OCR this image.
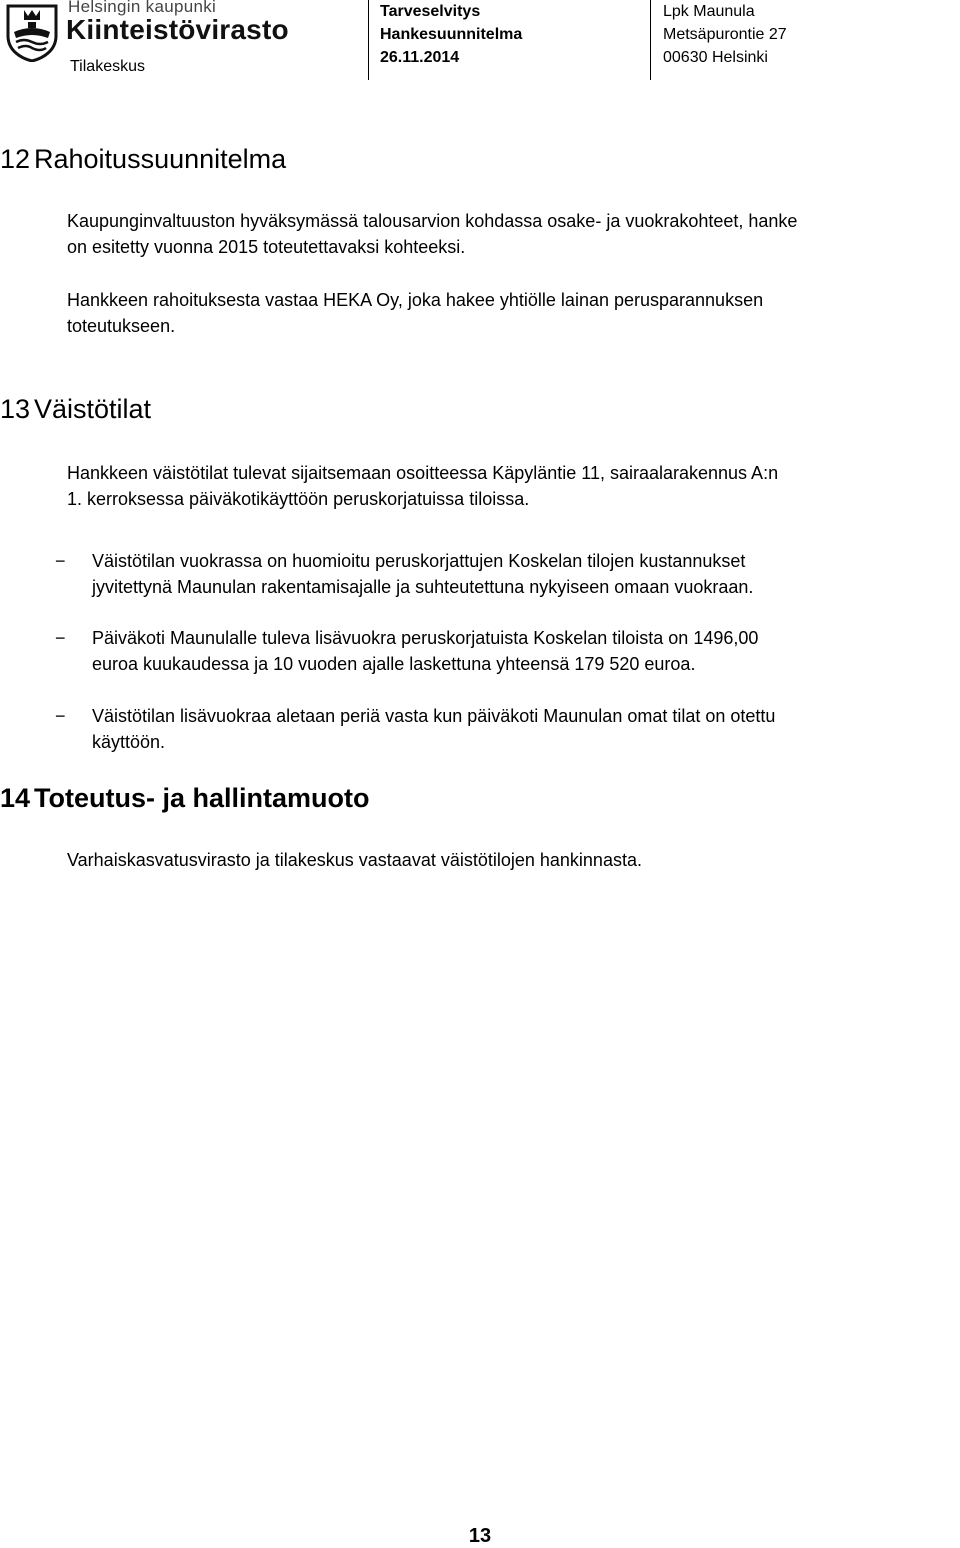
Helsingin kaupunki
Kiinteistövirasto
Tilakeskus
Tarveselvitys
Hankesuunnitelma
26.11.2014
Lpk Maunula
Metsäpurontie 27
00630 Helsinki
12 Rahoitussuunnitelma
Kaupunginvaltuuston hyväksymässä talousarvion kohdassa osake- ja vuokrakohteet, hanke
on esitetty vuonna 2015 toteutettavaksi kohteeksi.
Hankkeen rahoituksesta vastaa HEKA Oy, joka hakee yhtiölle lainan perusparannuksen
toteutukseen.
13 Väistötilat
Hankkeen väistötilat tulevat sijaitsemaan osoitteessa Käpyläntie 11, sairaalarakennus A:n
1. kerroksessa päiväkotikäyttöön peruskorjatuissa tiloissa.
− Väistötilan vuokrassa on huomioitu peruskorjattujen Koskelan tilojen kustannukset
jyvitettynä Maunulan rakentamisajalle ja suhteutettuna nykyiseen omaan vuokraan.
− Päiväkoti Maunulalle tuleva lisävuokra peruskorjatuista Koskelan tiloista on 1496,00
euroa kuukaudessa ja 10 vuoden ajalle laskettuna yhteensä 179 520 euroa.
− Väistötilan lisävuokraa aletaan periä vasta kun päiväkoti Maunulan omat tilat on otettu
käyttöön.
14 Toteutus- ja hallintamuoto
Varhaiskasvatusvirasto ja tilakeskus vastaavat väistötilojen hankinnasta.
13
